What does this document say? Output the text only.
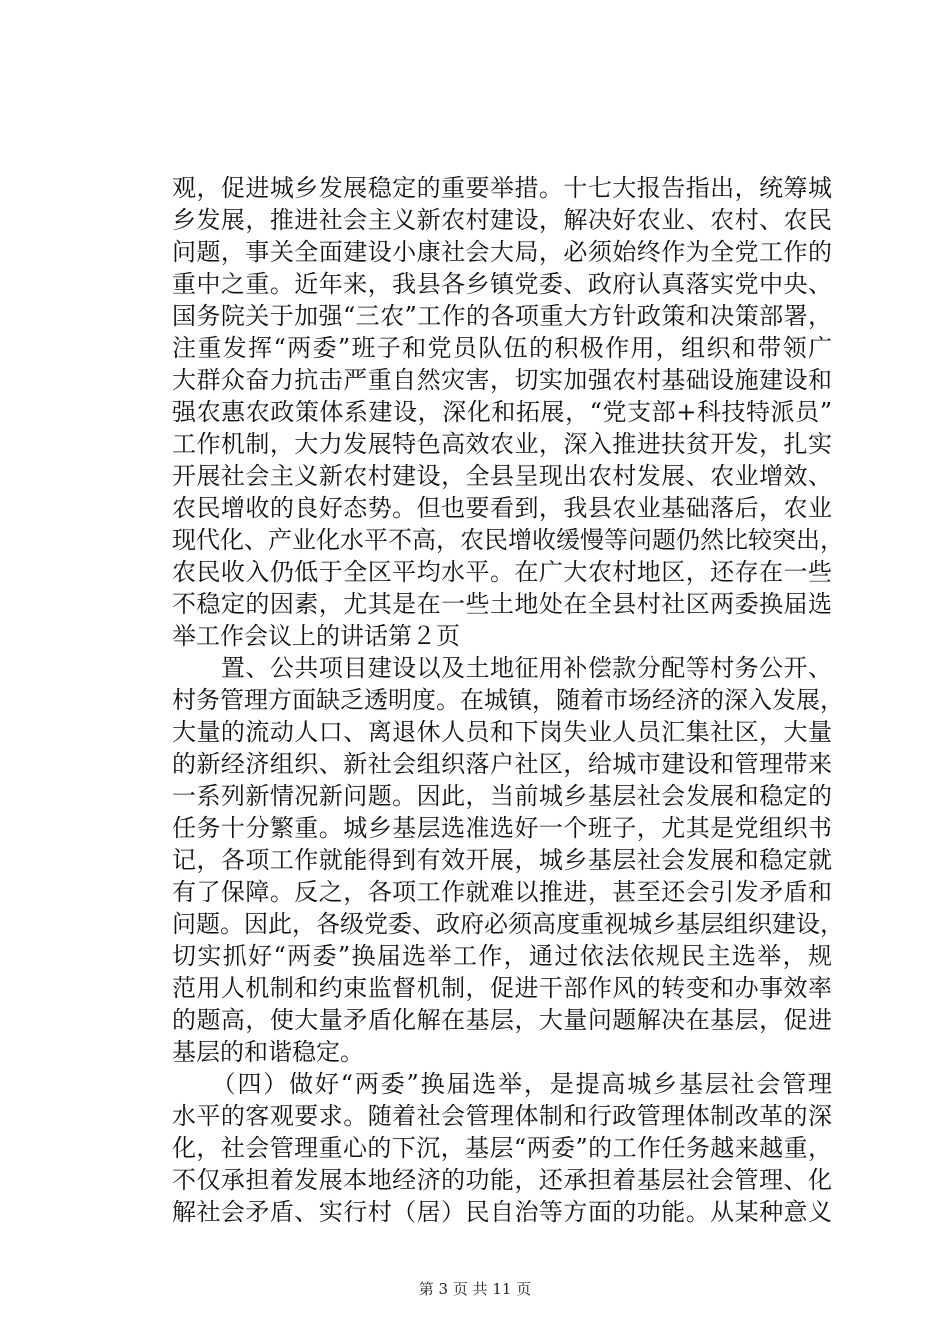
观，促进城乡发展稳定的重要举措。十七大报告指出，统筹城
乡发展，推进社会主义新农村建设，解决好农业、农村、农民
问题，事关全面建设小康社会大局，必须始终作为全党工作的
重中之重。近年来，我县各乡镇党委、政府认真落实党中央、
国务院关于加强“三农”工作的各项重大方针政策和决策部署，
注重发挥“两委”班子和党员队伍的积极作用，组织和带领广
大群众奋力抗击严重自然灾害，切实加强农村基础设施建设和
强农惠农政策体系建设，深化和拓展，“党支部+科技特派员”
工作机制，大力发展特色高效农业，深入推进扶贫开发，扎实
开展社会主义新农村建设，全县呈现出农村发展、农业增效、
农民增收的良好态势。但也要看到，我县农业基础落后，农业
现代化、产业化水平不高，农民增收缓慢等问题仍然比较突出，
农民收入仍低于全区平均水平。在广大农村地区，还存在一些
不稳定的因素，尤其是在一些土地处在全县村社区两委换届选
举工作会议上的讲话第２页
　　置、公共项目建设以及土地征用补偿款分配等村务公开、
村务管理方面缺乏透明度。在城镇，随着市场经济的深入发展，
大量的流动人口、离退休人员和下岗失业人员汇集社区，大量
的新经济组织、新社会组织落户社区，给城市建设和管理带来
一系列新情况新问题。因此，当前城乡基层社会发展和稳定的
任务十分繁重。城乡基层选准选好一个班子，尤其是党组织书
记，各项工作就能得到有效开展，城乡基层社会发展和稳定就
有了保障。反之，各项工作就难以推进，甚至还会引发矛盾和
问题。因此，各级党委、政府必须高度重视城乡基层组织建设，
切实抓好“两委”换届选举工作，通过依法依规民主选举，规
范用人机制和约束监督机制，促进干部作风的转变和办事效率
的题高，使大量矛盾化解在基层，大量问题解决在基层，促进
基层的和谐稳定。
　　（四）做好“两委”换届选举，是提高城乡基层社会管理
水平的客观要求。随着社会管理体制和行政管理体制改革的深
化，社会管理重心的下沉，基层“两委”的工作任务越来越重，
不仅承担着发展本地经济的功能，还承担着基层社会管理、化
解社会矛盾、实行村（居）民自治等方面的功能。从某种意义
第 3 页 共 11 页
